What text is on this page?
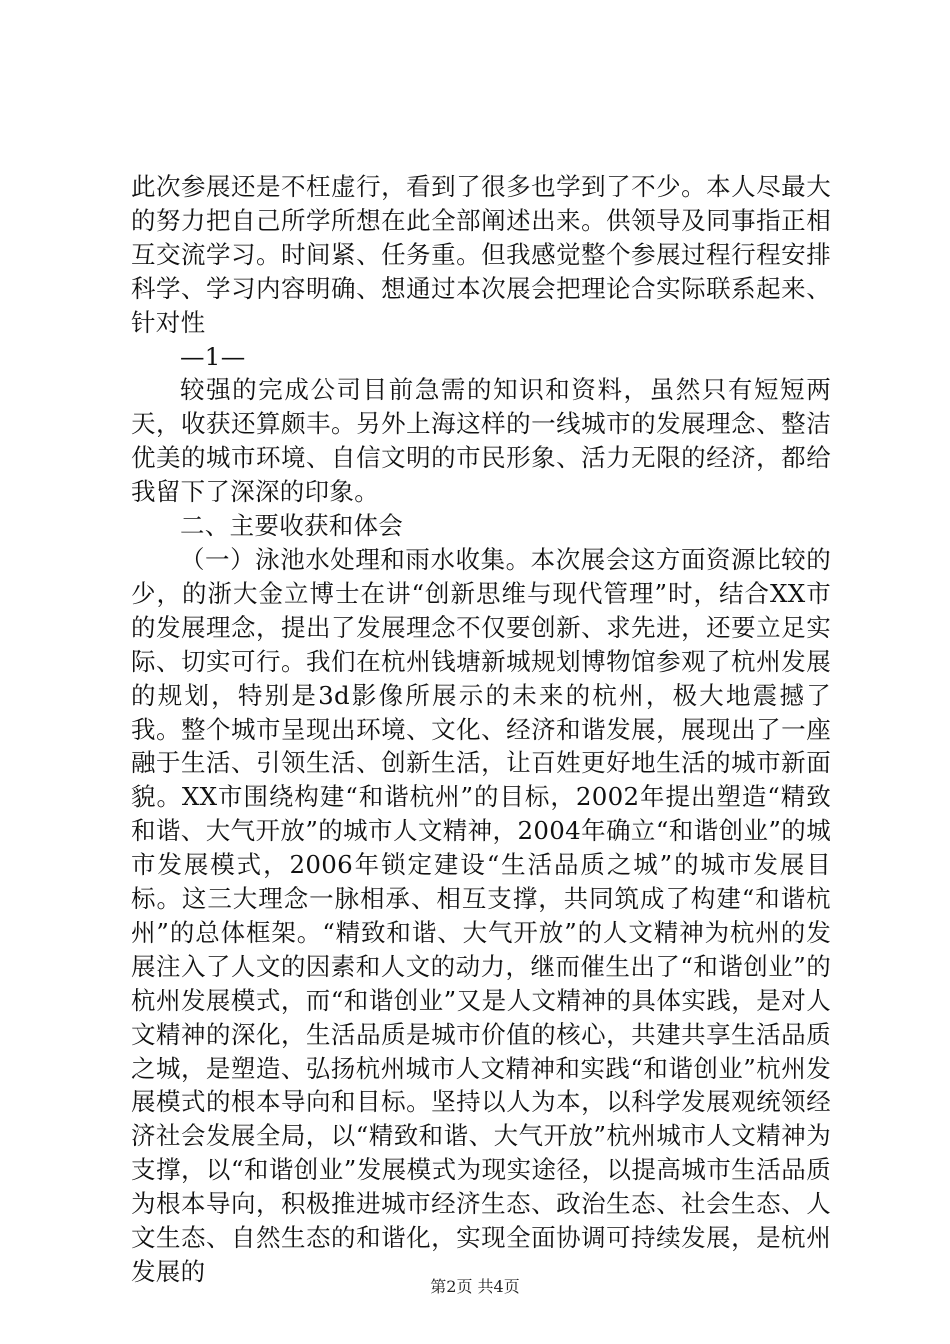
此次参展还是不枉虚行，看到了很多也学到了不少。本人尽最大的努力把自己所学所想在此全部阐述出来。供领导及同事指正相互交流学习。时间紧、任务重。但我感觉整个参展过程行程安排科学、学习内容明确、想通过本次展会把理论合实际联系起来、针对性

—1—

较强的完成公司目前急需的知识和资料，虽然只有短短两天，收获还算颇丰。另外上海这样的一线城市的发展理念、整洁优美的城市环境、自信文明的市民形象、活力无限的经济，都给我留下了深深的印象。

二、主要收获和体会

（一）泳池水处理和雨水收集。本次展会这方面资源比较的少，的浙大金立博士在讲“创新思维与现代管理”时，结合XX市的发展理念，提出了发展理念不仅要创新、求先进，还要立足实际、切实可行。我们在杭州钱塘新城规划博物馆参观了杭州发展的规划，特别是3d影像所展示的未来的杭州，极大地震撼了我。整个城市呈现出环境、文化、经济和谐发展，展现出了一座融于生活、引领生活、创新生活，让百姓更好地生活的城市新面貌。XX市围绕构建“和谐杭州”的目标，2002年提出塑造“精致和谐、大气开放”的城市人文精神，2004年确立“和谐创业”的城市发展模式，2006年锁定建设“生活品质之城”的城市发展目标。这三大理念一脉相承、相互支撑，共同筑成了构建“和谐杭州”的总体框架。“精致和谐、大气开放”的人文精神为杭州的发展注入了人文的因素和人文的动力，继而催生出了“和谐创业”的杭州发展模式，而“和谐创业”又是人文精神的具体实践，是对人文精神的深化，生活品质是城市价值的核心，共建共享生活品质之城，是塑造、弘扬杭州城市人文精神和实践“和谐创业”杭州发展模式的根本导向和目标。坚持以人为本，以科学发展观统领经济社会发展全局，以“精致和谐、大气开放”杭州城市人文精神为支撑，以“和谐创业”发展模式为现实途径，以提高城市生活品质为根本导向，积极推进城市经济生态、政治生态、社会生态、人文生态、自然生态的和谐化，实现全面协调可持续发展，是杭州发展的

第2页 共4页
